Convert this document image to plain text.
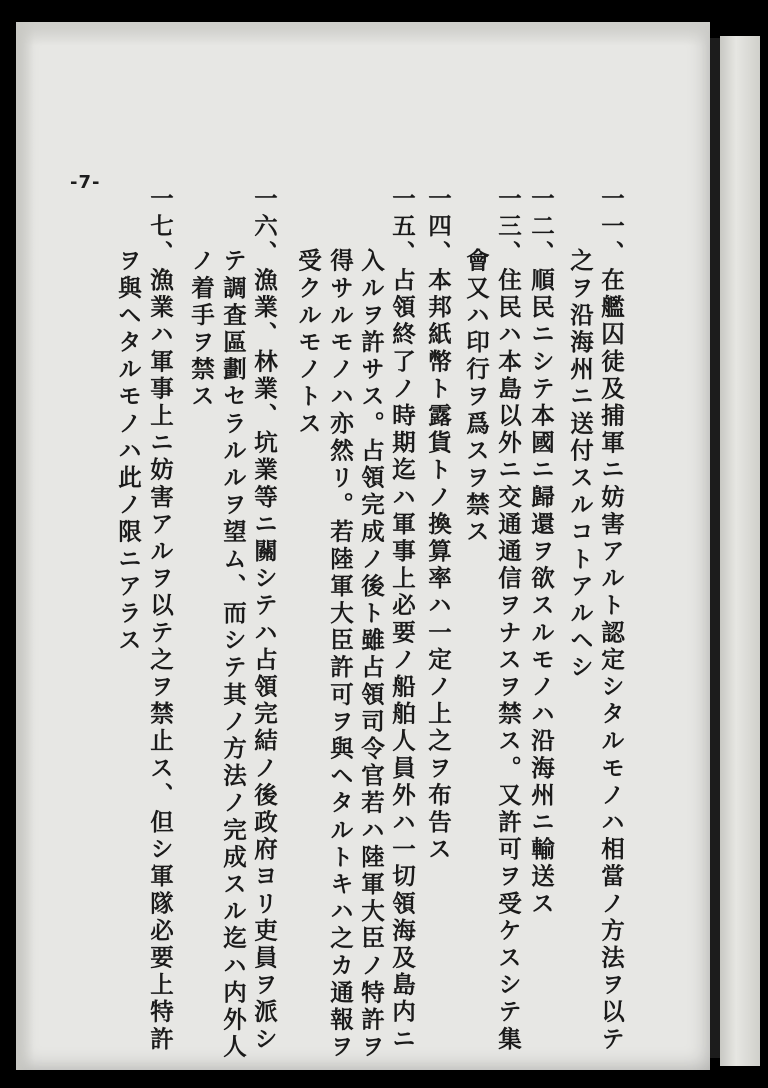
-7-
一一、在艦囚徒及捕軍ニ妨害アルト認定シタルモノハ相當ノ方法ヲ以テ
之ヲ沿海州ニ送付スルコトアルヘシ
一二、順民ニシテ本國ニ歸還ヲ欲スルモノハ沿海州ニ輸送ス
一三、住民ハ本島以外ニ交通通信ヲナスヲ禁ス。又許可ヲ受ケスシテ集
會又ハ印行ヲ爲スヲ禁ス
一四、本邦紙幣ト露貨トノ換算率ハ一定ノ上之ヲ布告ス
一五、占領終了ノ時期迄ハ軍事上必要ノ船舶人員外ハ一切領海及島内ニ
入ルヲ許サス。占領完成ノ後ト雖占領司令官若ハ陸軍大臣ノ特許ヲ
得サルモノハ亦然リ。若陸軍大臣許可ヲ與ヘタルトキハ之カ通報ヲ
受クルモノトス
一六、漁業、林業、坑業等ニ關シテハ占領完結ノ後政府ヨリ吏員ヲ派シ
テ調査區劃セラルルヲ望ム、而シテ其ノ方法ノ完成スル迄ハ内外人
ノ着手ヲ禁ス
一七、漁業ハ軍事上ニ妨害アルヲ以テ之ヲ禁止ス、但シ軍隊必要上特許
ヲ與ヘタルモノハ此ノ限ニアラス
